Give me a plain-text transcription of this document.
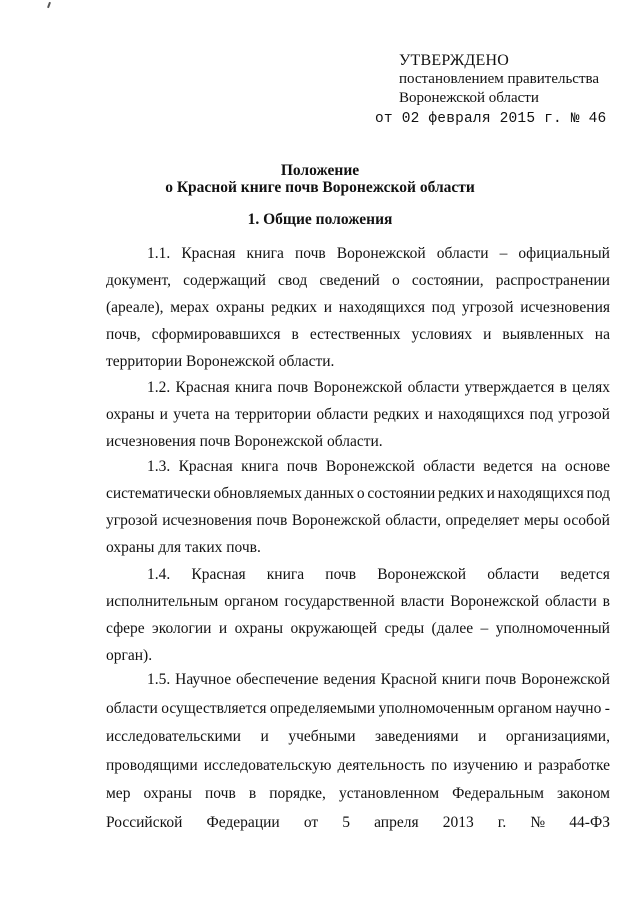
УТВЕРЖДЕНО
постановлением правительства
Воронежской области
от 02 февраля 2015 г. № 46
Положение
о Красной книге почв Воронежской области
1. Общие положения
1.1. Красная книга почв Воронежской области – официальный
документ, содержащий свод сведений о состоянии, распространении
(ареале), мерах охраны редких и находящихся под угрозой исчезновения
почв, сформировавшихся в естественных условиях и выявленных на
территории Воронежской области.
1.2. Красная книга почв Воронежской области утверждается в целях
охраны и учета на территории области редких и находящихся под угрозой
исчезновения почв Воронежской области.
1.3. Красная книга почв Воронежской области ведется на основе
систематически обновляемых данных о состоянии редких и находящихся под
угрозой исчезновения почв Воронежской области, определяет меры особой
охраны для таких почв.
1.4. Красная книга почв Воронежской области ведется
исполнительным органом государственной власти Воронежской области в
сфере экологии и охраны окружающей среды (далее – уполномоченный
орган).
1.5. Научное обеспечение ведения Красной книги почв Воронежской
области осуществляется определяемыми уполномоченным органом научно -
исследовательскими и учебными заведениями и организациями,
проводящими исследовательскую деятельность по изучению и разработке
мер охраны почв в порядке, установленном Федеральным законом
Российской Федерации от 5 апреля 2013 г. № 44-ФЗ
